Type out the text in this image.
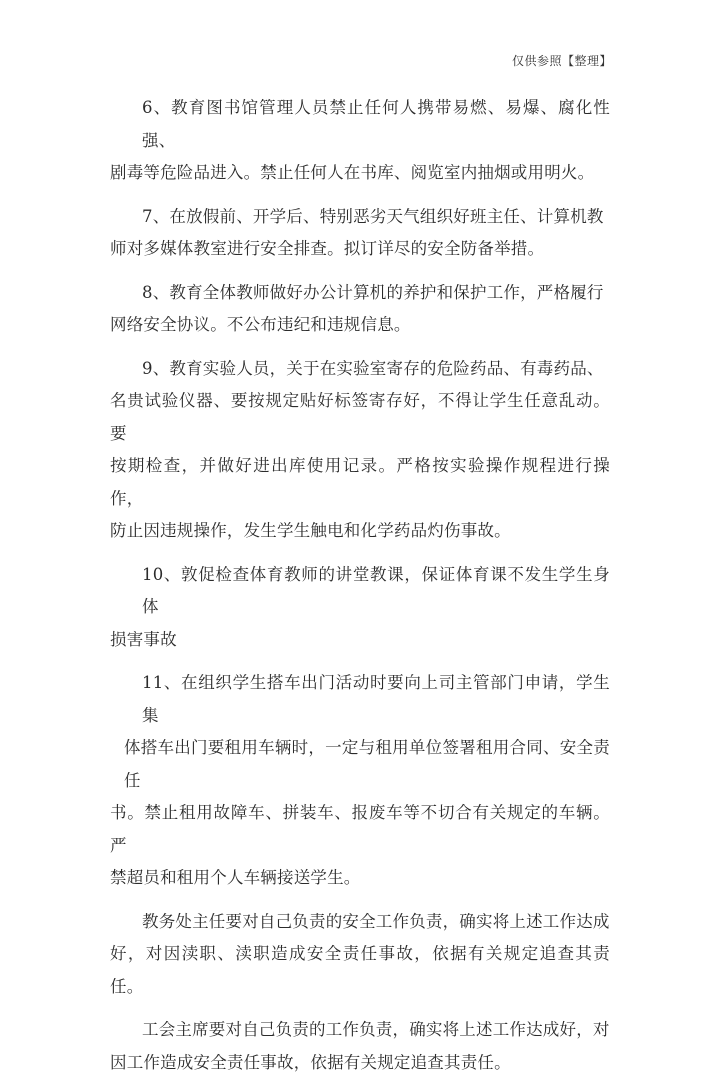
仅供参照【整理】

6、教育图书馆管理人员禁止任何人携带易燃、易爆、腐化性强、
剧毒等危险品进入。禁止任何人在书库、阅览室内抽烟或用明火。

7、在放假前、开学后、特别恶劣天气组织好班主任、计算机教
师对多媒体教室进行安全排查。拟订详尽的安全防备举措。

8、教育全体教师做好办公计算机的养护和保护工作，严格履行
网络安全协议。不公布违纪和违规信息。

9、教育实验人员，关于在实验室寄存的危险药品、有毒药品、
名贵试验仪器、要按规定贴好标签寄存好，不得让学生任意乱动。要
按期检查，并做好进出库使用记录。严格按实验操作规程进行操作，
防止因违规操作，发生学生触电和化学药品灼伤事故。

10、敦促检查体育教师的讲堂教课，保证体育课不发生学生身体
损害事故

11、在组织学生搭车出门活动时要向上司主管部门申请，学生集
体搭车出门要租用车辆时，一定与租用单位签署租用合同、安全责任
书。禁止租用故障车、拼装车、报废车等不切合有关规定的车辆。严
禁超员和租用个人车辆接送学生。

教务处主任要对自己负责的安全工作负责，确实将上述工作达成
好，对因渎职、渎职造成安全责任事故，依据有关规定追查其责任。

工会主席要对自己负责的工作负责，确实将上述工作达成好，对
因工作造成安全责任事故，依据有关规定追查其责任。
